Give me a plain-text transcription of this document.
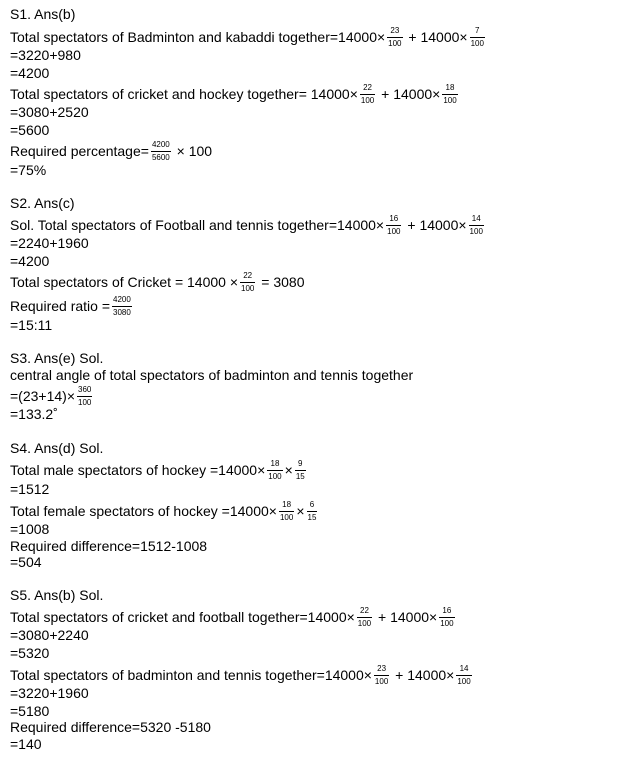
S1. Ans(b)
Total spectators of Badminton and kabaddi together=14000× $\frac{23}{100} + 14000\times \frac{7}{100}$
=3220+980
=4200
Total spectators of cricket and hockey together= $14000\times \frac{22}{100} + 14000\times \frac{18}{100}$
=3080+2520
=5600
Required percentage= $\frac{4200}{5600} \times 100$
=75%
S2. Ans(c)
Sol. Total spectators of Football and tennis together=14000× $\frac{16}{100} + 14000\times \frac{14}{100}$
=2240+1960
=4200
Total spectators of Cricket = $14000 \times \frac{22}{100} = 3080$
Required ratio = $\frac{4200}{3080}$
=15:11
S3. Ans(e) Sol.
central angle of total spectators of badminton and tennis together
$=(23+14)\times \frac{360}{100}$
=133.2˚
S4. Ans(d) Sol.
Total male spectators of hockey $=14000\times \frac{18}{100} \times \frac{9}{15}$
=1512
Total female spectators of hockey $=14000\times \frac{18}{100} \times \frac{6}{15}$
=1008
Required difference=1512-1008
=504
S5. Ans(b) Sol.
Total spectators of cricket and football together=14000× $\frac{22}{100} + 14000\times \frac{16}{100}$
=3080+2240
=5320
Total spectators of badminton and tennis together=14000× $\frac{23}{100} + 14000\times \frac{14}{100}$
=3220+1960
=5180
Required difference=5320 -5180
=140
